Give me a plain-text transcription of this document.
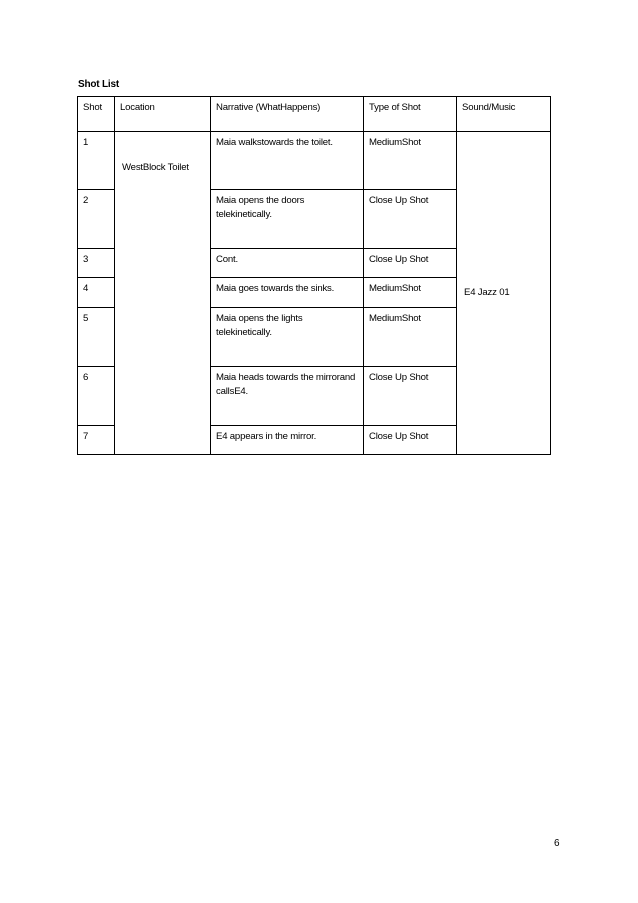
Shot List
Shot	Location	Narrative (WhatHappens)	Type of Shot	Sound/Music
1	WestBlock Toilet	Maia walkstowards the toilet.	MediumShot	E4 Jazz 01

2		Maia opens the doors telekinetically.	Close Up Shot	
3		Cont.	Close Up Shot	
4		Maia goes towards the sinks.	MediumShot	
5		Maia opens the lights telekinetically.	MediumShot	
6		Maia heads towards the mirrorand callsE4.	Close Up Shot	
7		E4 appears in the mirror.	Close Up Shot	
6
